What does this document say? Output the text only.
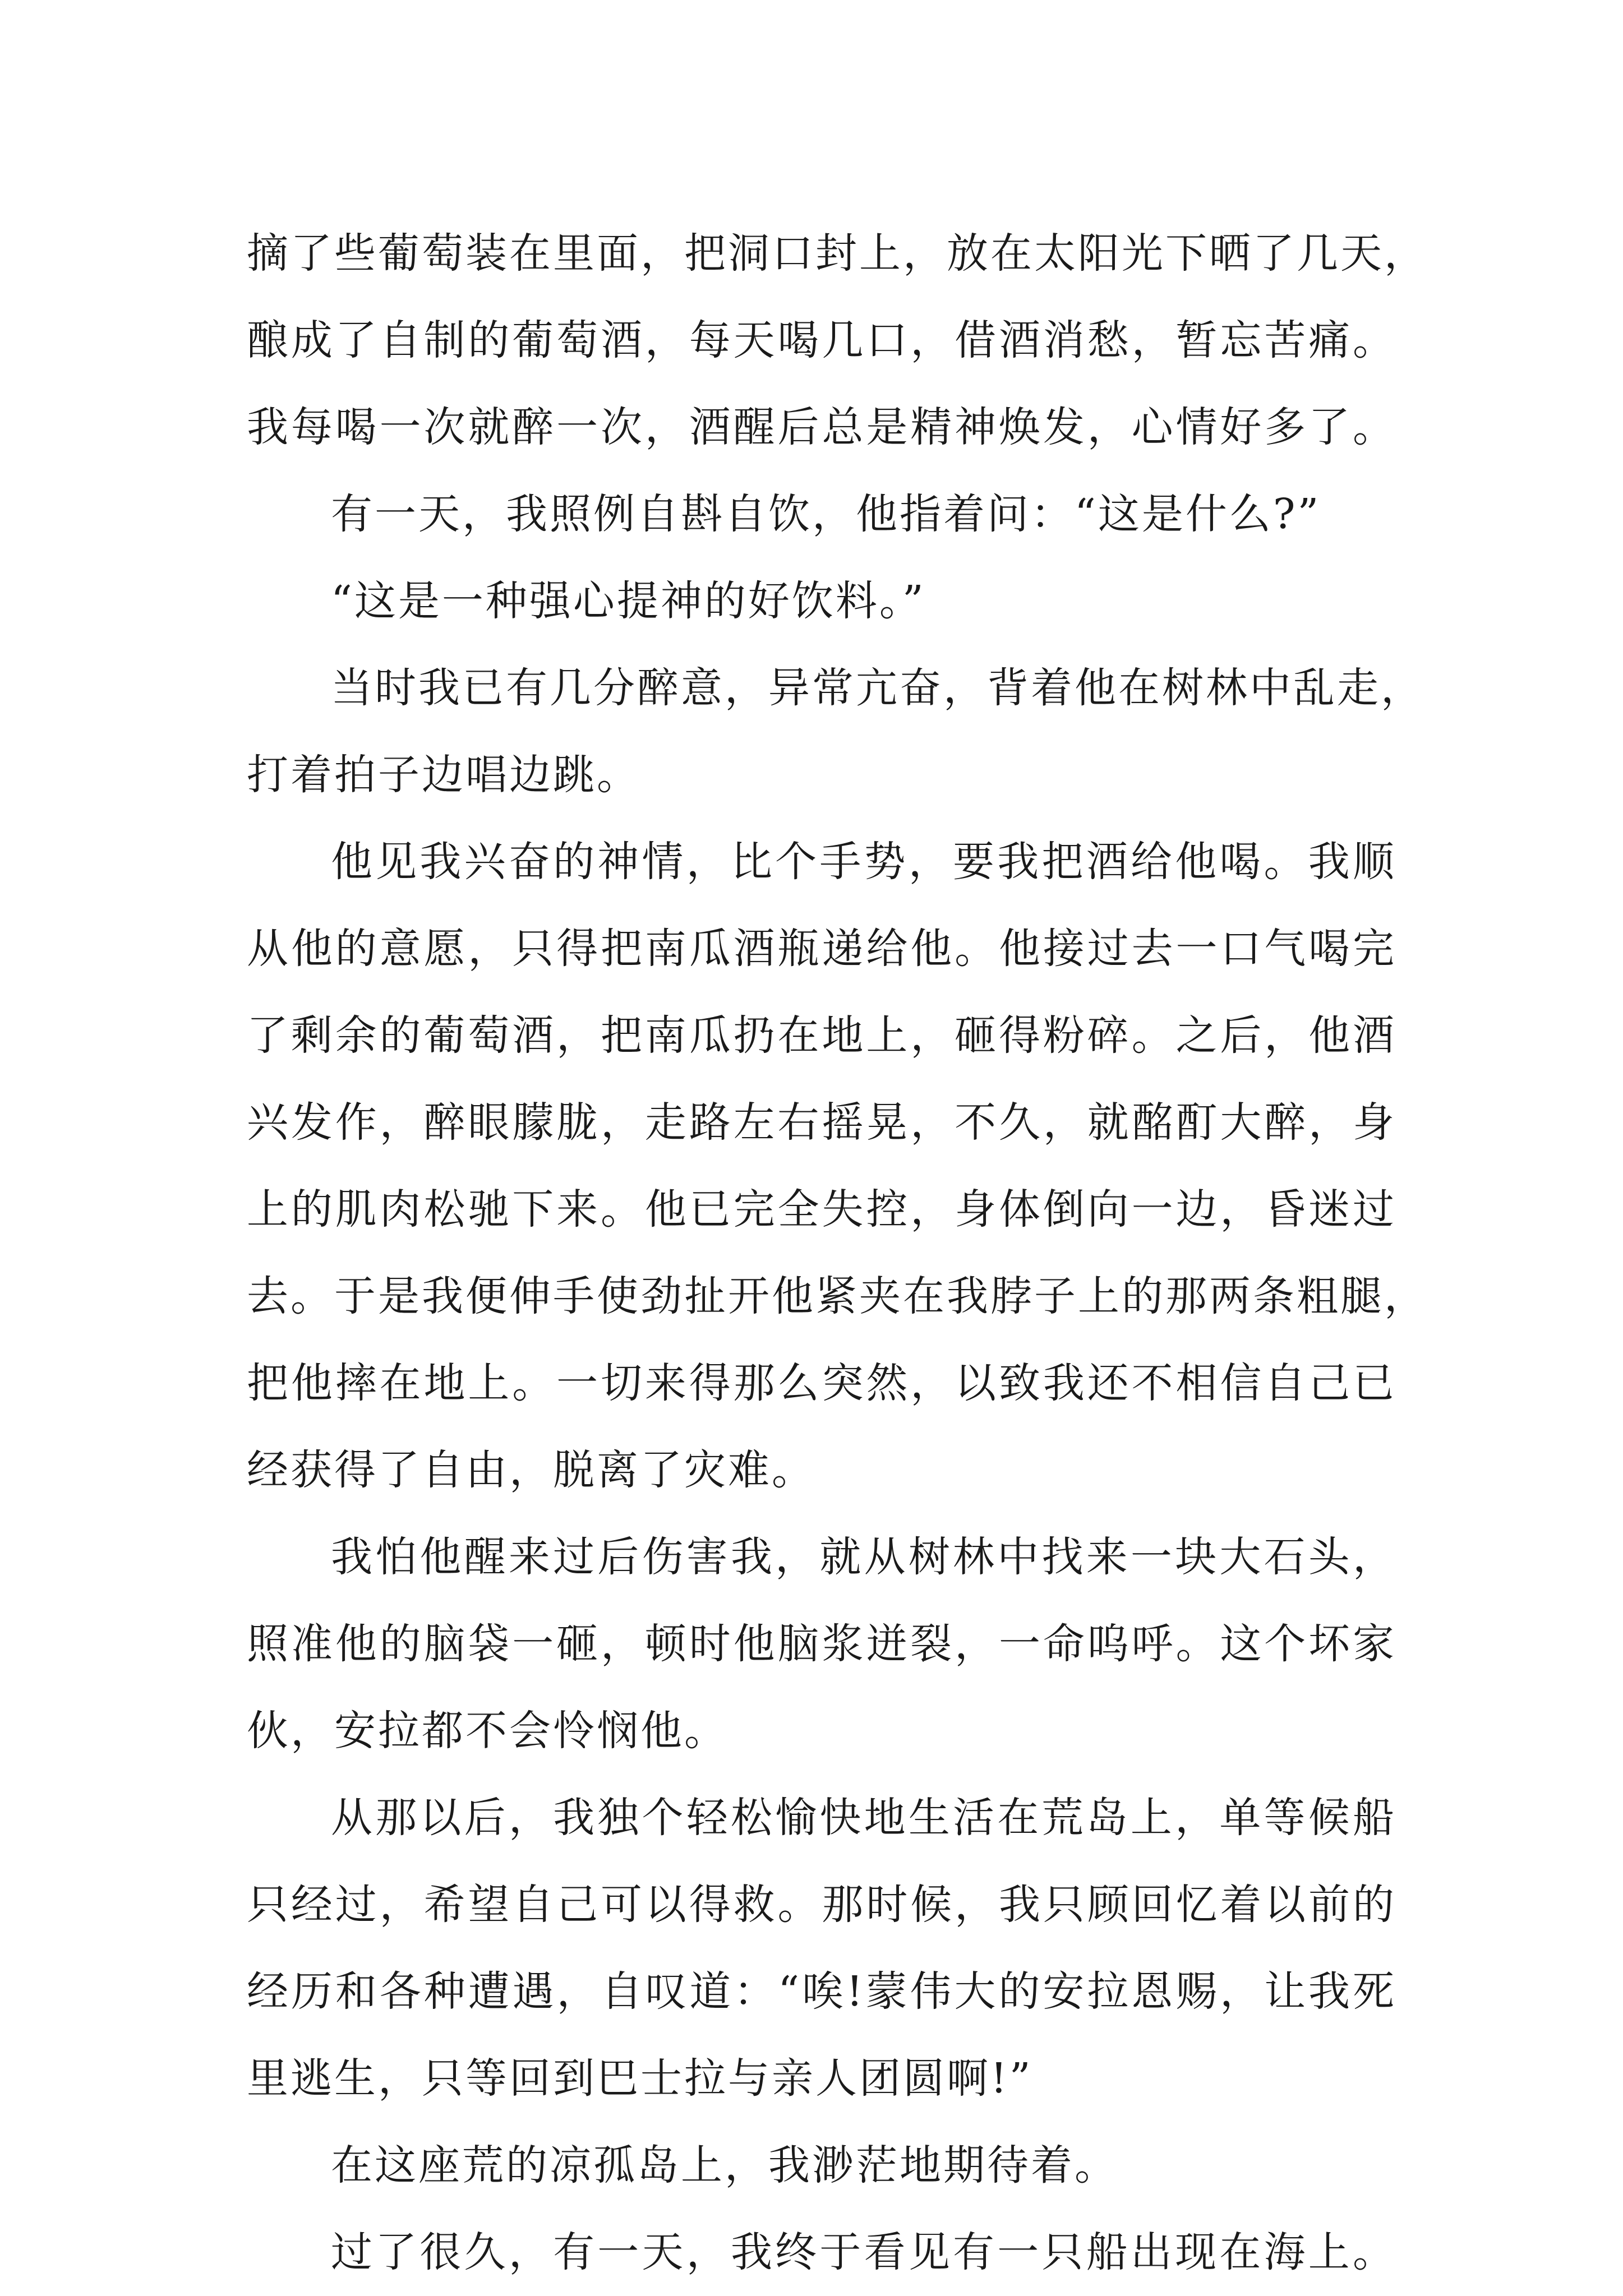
摘了些葡萄装在里面，把洞口封上，放在太阳光下晒了几天，
酿成了自制的葡萄酒，每天喝几口，借酒消愁，暂忘苦痛。
我每喝一次就醉一次，酒醒后总是精神焕发，心情好多了。
有一天，我照例自斟自饮，他指着问：“这是什么?”
“这是一种强心提神的好饮料。”
当时我已有几分醉意，异常亢奋，背着他在树林中乱走，
打着拍子边唱边跳。
他见我兴奋的神情，比个手势，要我把酒给他喝。我顺
从他的意愿，只得把南瓜酒瓶递给他。他接过去一口气喝完
了剩余的葡萄酒，把南瓜扔在地上，砸得粉碎。之后，他酒
兴发作，醉眼朦胧，走路左右摇晃，不久，就酩酊大醉，身
上的肌肉松驰下来。他已完全失控，身体倒向一边，昏迷过
去。于是我便伸手使劲扯开他紧夹在我脖子上的那两条粗腿，
把他摔在地上。一切来得那么突然，以致我还不相信自己已
经获得了自由，脱离了灾难。
我怕他醒来过后伤害我，就从树林中找来一块大石头，
照准他的脑袋一砸，顿时他脑浆迸裂，一命呜呼。这个坏家
伙，安拉都不会怜悯他。
从那以后，我独个轻松愉快地生活在荒岛上，单等候船
只经过，希望自己可以得救。那时候，我只顾回忆着以前的
经历和各种遭遇，自叹道：“唉!蒙伟大的安拉恩赐，让我死
里逃生，只等回到巴士拉与亲人团圆啊!”
在这座荒的凉孤岛上，我渺茫地期待着。
过了很久，有一天，我终于看见有一只船出现在海上。
